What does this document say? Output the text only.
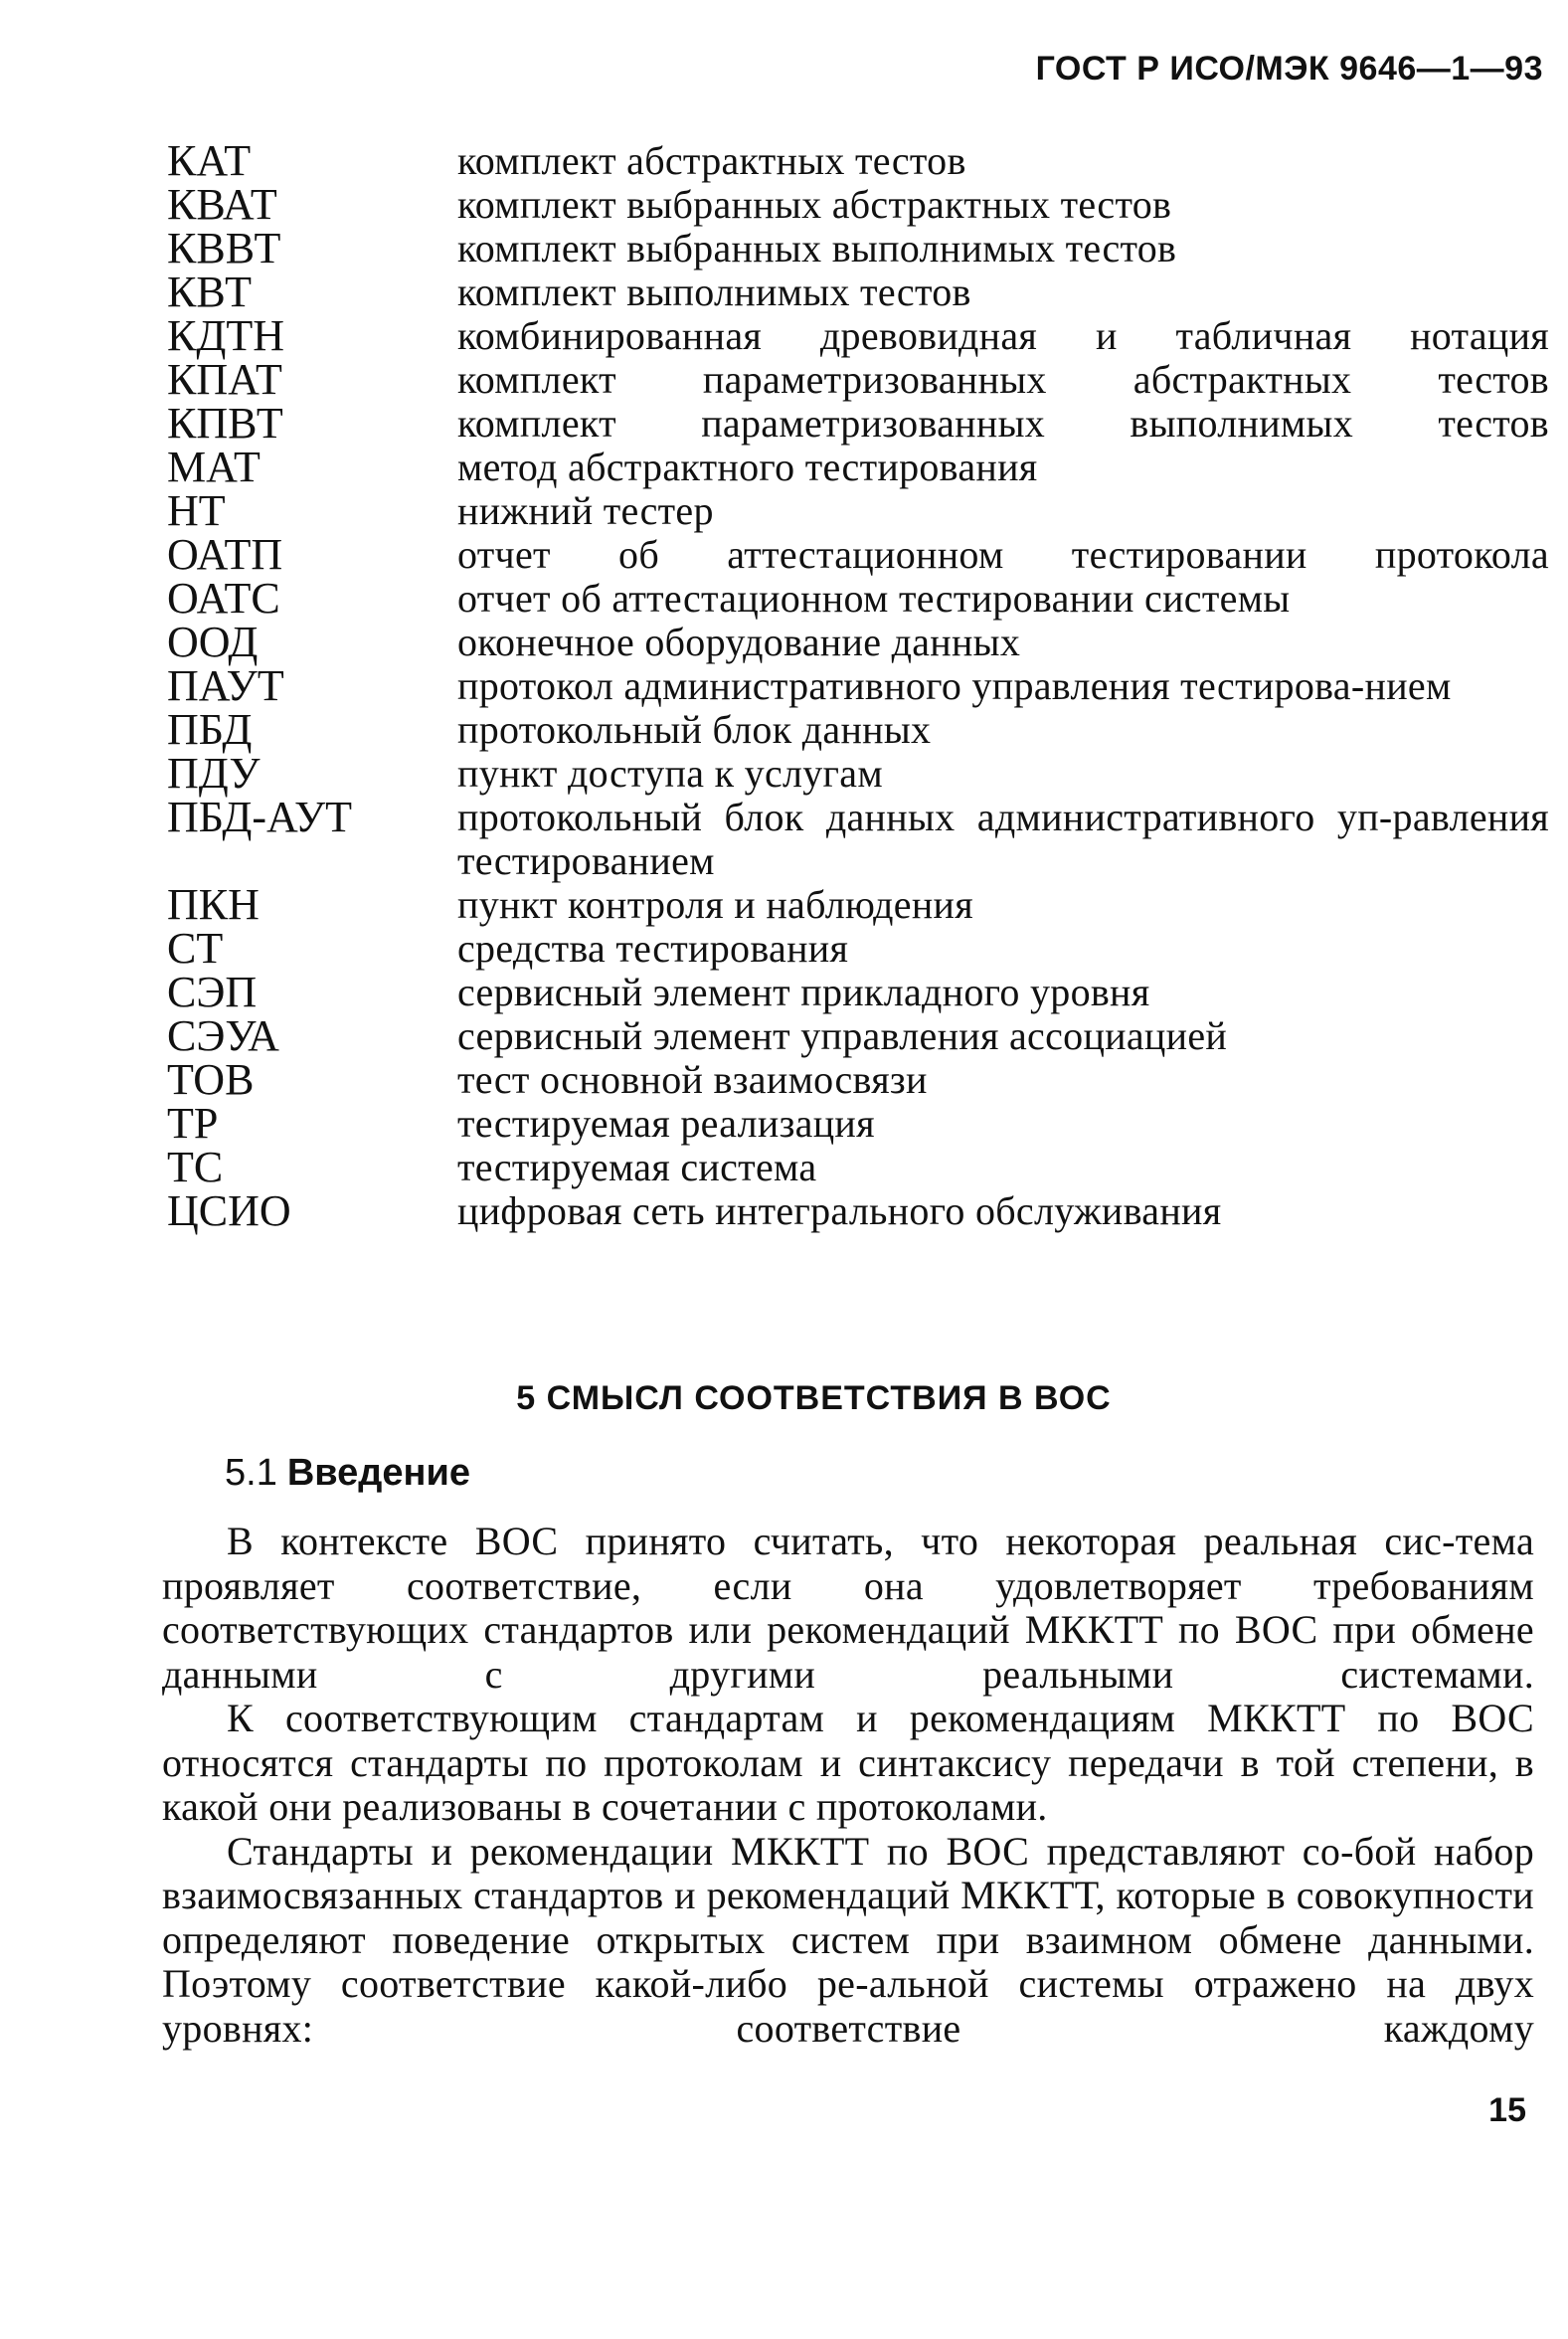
ГОСТ Р ИСО/МЭК 9646—1—93
КАТ	комплект абстрактных тестов
КВАТ	комплект выбранных абстрактных тестов
КВВТ	комплект выбранных выполнимых тестов
КВТ	комплект выполнимых тестов
КДТН	комбинированная древовидная и табличная нотация
КПАТ	комплект параметризованных абстрактных тестов
КПВТ	комплект параметризованных выполнимых тестов
МАТ	метод абстрактного тестирования
НТ	нижний тестер
ОАТП	отчет об аттестационном тестировании протокола
ОАТС	отчет об аттестационном тестировании системы
ООД	оконечное оборудование данных
ПАУТ	протокол административного управления тестирова-нием
ПБД	протокольный блок данных
ПДУ	пункт доступа к услугам
ПБД-АУТ	протокольный блок данных административного уп-равления тестированием
ПКН	пункт контроля и наблюдения
СТ	средства тестирования
СЭП	сервисный элемент прикладного уровня
СЭУА	сервисный элемент управления ассоциацией
ТОВ	тест основной взаимосвязи
ТР	тестируемая реализация
ТС	тестируемая система
ЦСИО	цифровая сеть интегрального обслуживания
5 СМЫСЛ СООТВЕТСТВИЯ В ВОС
5.1 Введение

В контексте ВОС принято считать, что некоторая реальная сис-тема проявляет соответствие, если она удовлетворяет требованиям соответствующих стандартов или рекомендаций МККТТ по ВОС при обмене данными с другими реальными системами.

К соответствующим стандартам и рекомендациям МККТТ по ВОС относятся стандарты по протоколам и синтаксису передачи в той степени, в какой они реализованы в сочетании с протоколами.

Стандарты и рекомендации МККТТ по ВОС представляют со-бой набор взаимосвязанных стандартов и рекомендаций МККТТ, которые в совокупности определяют поведение открытых систем при взаимном обмене данными. Поэтому соответствие какой-либо ре-альной системы отражено на двух уровнях: соответствие каждому

15
